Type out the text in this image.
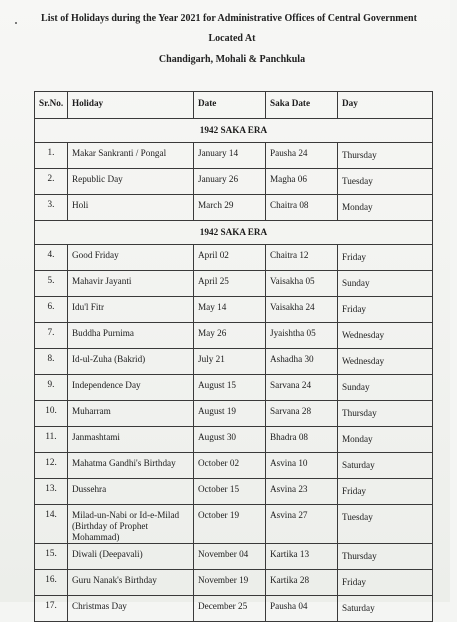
List of Holidays during the Year 2021 for Administrative Offices of Central Government
Located At
Chandigarh, Mohali & Panchkula
Sr.No.	Holiday	Date	Saka Date	Day
1942 SAKA ERA				
1.	Makar Sankranti / Pongal	January 14	Pausha 24	Thursday
2.	Republic Day	January 26	Magha 06	Tuesday
3.	Holi	March 29	Chaitra 08	Monday
1942 SAKA ERA				
4.	Good Friday	April 02	Chaitra 12	Friday
5.	Mahavir Jayanti	April 25	Vaisakha 05	Sunday
6.	Idu'l Fitr	May 14	Vaisakha 24	Friday
7.	Buddha Purnima	May 26	Jyaishtha 05	Wednesday
8.	Id-ul-Zuha (Bakrid)	July 21	Ashadha 30	Wednesday
9.	Independence Day	August 15	Sarvana 24	Sunday
10.	Muharram	August 19	Sarvana 28	Thursday
11.	Janmashtami	August 30	Bhadra 08	Monday
12.	Mahatma Gandhi's Birthday	October 02	Asvina 10	Saturday
13.	Dussehra	October 15	Asvina 23	Friday
14.	Milad-un-Nabi or Id-e-Milad (Birthday of Prophet Mohammad)	October 19	Asvina 27	Tuesday
15.	Diwali (Deepavali)	November 04	Kartika 13	Thursday
16.	Guru Nanak's Birthday	November 19	Kartika 28	Friday
17.	Christmas Day	December 25	Pausha 04	Saturday
